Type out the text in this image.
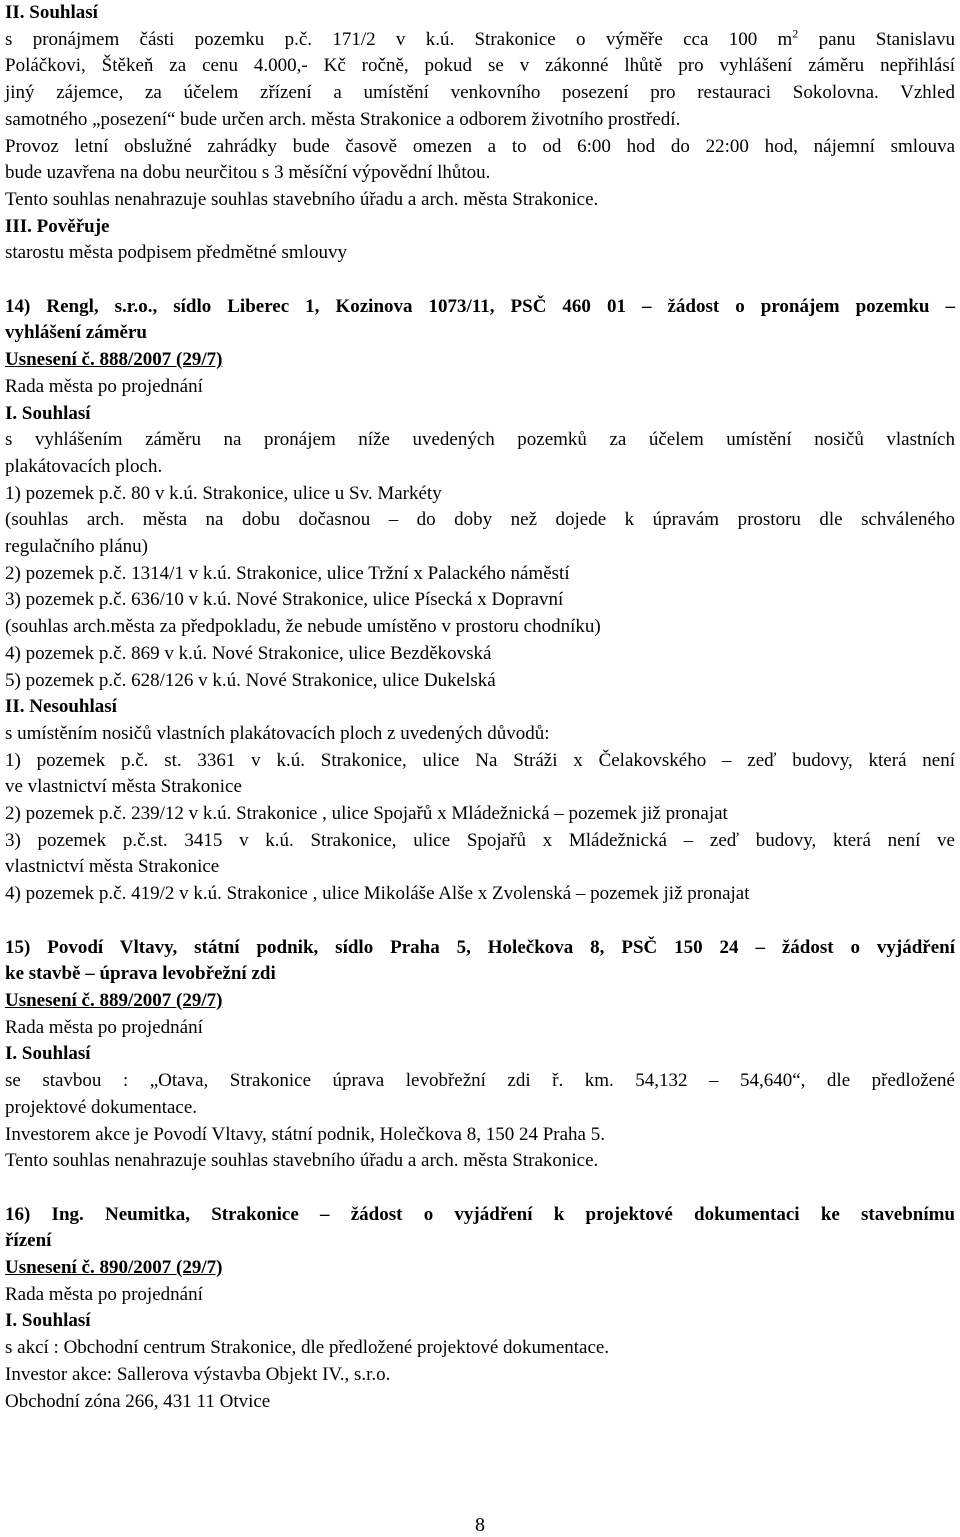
II. Souhlasí

s pronájmem části pozemku p.č. 171/2 v k.ú. Strakonice o výměře cca 100 $m^2$ panu Stanislavu

Poláčkovi, Štěkeň za cenu 4.000,- Kč ročně, pokud se v zákonné lhůtě pro vyhlášení záměru nepřihlásí

jiný zájemce, za účelem zřízení a umístění venkovního posezení pro restauraci Sokolovna. Vzhled

samotného „posezení“ bude určen arch. města Strakonice a odborem životního prostředí.

Provoz letní obslužné zahrádky bude časově omezen a to od 6:00 hod do 22:00 hod, nájemní smlouva

bude uzavřena na dobu neurčitou s 3 měsíční výpovědní lhůtou.

Tento souhlas nenahrazuje souhlas stavebního úřadu a arch. města Strakonice.

III. Pověřuje

starostu města podpisem předmětné smlouvy

14) Rengl, s.r.o., sídlo Liberec 1, Kozinova 1073/11, PSČ 460 01 – žádost o pronájem pozemku –

vyhlášení záměru

Usnesení č. 888/2007 (29/7)

Rada města po projednání

I. Souhlasí

s vyhlášením záměru na pronájem níže uvedených pozemků za účelem umístění nosičů vlastních

plakátovacích ploch.

1) pozemek p.č. 80 v k.ú. Strakonice, ulice u Sv. Markéty

(souhlas arch. města na dobu dočasnou – do doby než dojede k úpravám prostoru dle schváleného

regulačního plánu)

2) pozemek p.č. 1314/1 v k.ú. Strakonice, ulice Tržní x Palackého náměstí

3) pozemek p.č. 636/10 v k.ú. Nové Strakonice, ulice Písecká x Dopravní

(souhlas arch.města za předpokladu, že nebude umístěno v prostoru chodníku)

4) pozemek p.č. 869 v k.ú. Nové Strakonice, ulice Bezděkovská

5) pozemek p.č. 628/126 v k.ú. Nové Strakonice, ulice Dukelská

II. Nesouhlasí

s umístěním nosičů vlastních plakátovacích ploch z uvedených důvodů:

1) pozemek p.č. st. 3361 v k.ú. Strakonice, ulice Na Stráži x Čelakovského – zeď budovy, která není

ve vlastnictví města Strakonice

2) pozemek p.č. 239/12 v k.ú. Strakonice , ulice Spojařů x Mládežnická – pozemek již pronajat

3) pozemek p.č.st. 3415 v k.ú. Strakonice, ulice Spojařů x Mládežnická – zeď budovy, která není ve

vlastnictví města Strakonice

4) pozemek p.č. 419/2 v k.ú. Strakonice , ulice Mikoláše Alše x Zvolenská – pozemek již pronajat

15) Povodí Vltavy, státní podnik, sídlo Praha 5, Holečkova 8, PSČ 150 24 – žádost o vyjádření

ke stavbě – úprava levobřežní zdi

Usnesení č. 889/2007 (29/7)

Rada města po projednání

I. Souhlasí

se stavbou : „Otava, Strakonice úprava levobřežní zdi ř. km. 54,132 – 54,640“, dle předložené

projektové dokumentace.

Investorem akce je Povodí Vltavy, státní podnik, Holečkova 8, 150 24 Praha 5.

Tento souhlas nenahrazuje souhlas stavebního úřadu a arch. města Strakonice.

16) Ing. Neumitka, Strakonice – žádost o vyjádření k projektové dokumentaci ke stavebnímu

řízení

Usnesení č. 890/2007 (29/7)

Rada města po projednání

I. Souhlasí

s akcí : Obchodní centrum Strakonice, dle předložené projektové dokumentace.

Investor akce: Sallerova výstavba Objekt IV., s.r.o.

Obchodní zóna 266, 431 11 Otvice

8
